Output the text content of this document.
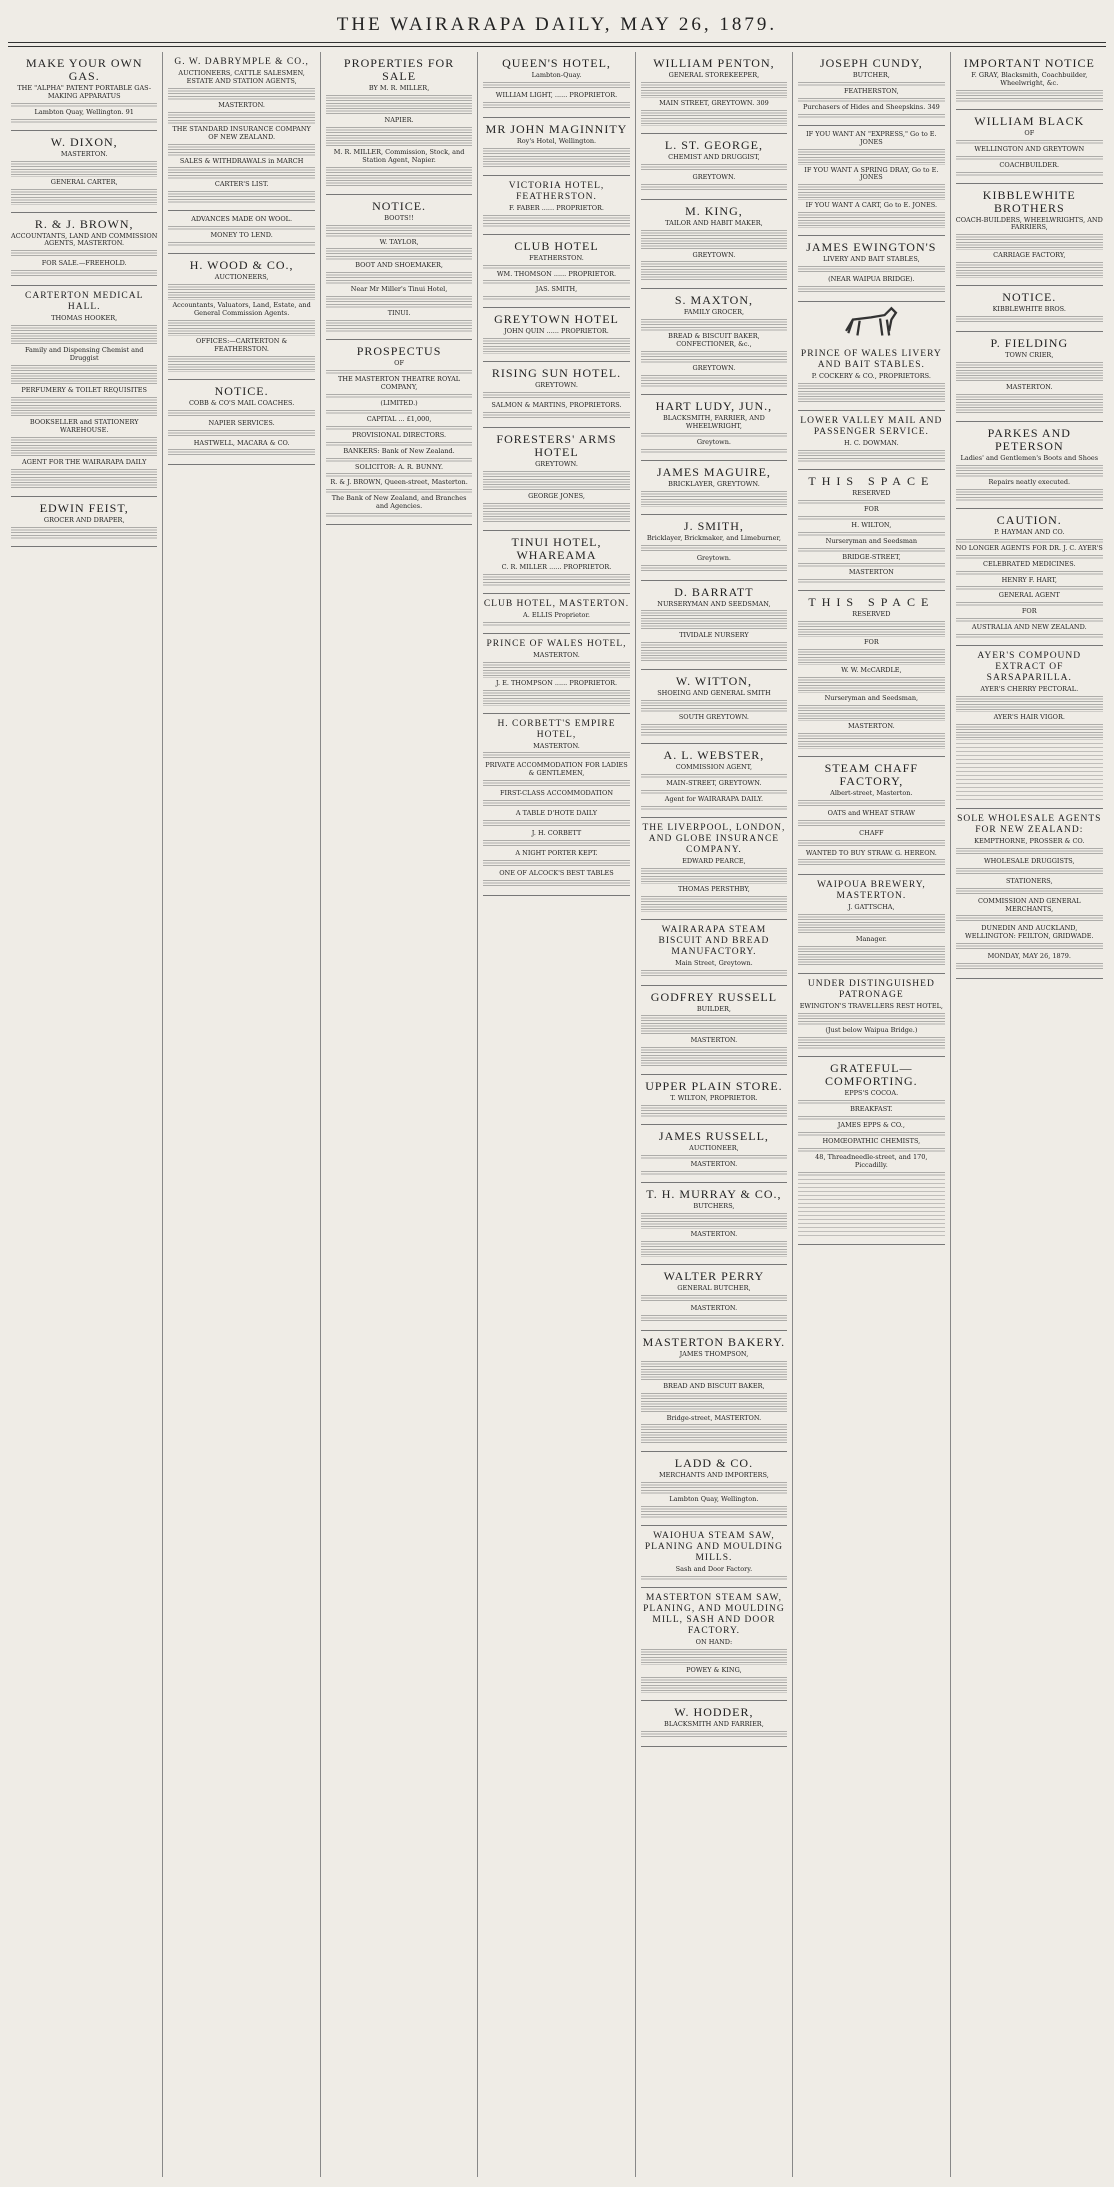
THE WAIRARAPA DAILY, MAY 26, 1879.
MAKE YOUR OWN GAS.
THE "ALPHA" PATENT PORTABLE GAS-MAKING APPARATUS
Lambton Quay, Wellington. 91
W. DIXON,
MASTERTON.
GENERAL CARTER,
R. & J. BROWN,
ACCOUNTANTS, LAND AND COMMISSION AGENTS, MASTERTON.
FOR SALE.—FREEHOLD.
CARTERTON MEDICAL HALL.
THOMAS HOOKER,
Family and Dispensing Chemist and Druggist
PERFUMERY & TOILET REQUISITES
BOOKSELLER and STATIONERY WAREHOUSE.
AGENT FOR THE WAIRARAPA DAILY
EDWIN FEIST,
GROCER AND DRAPER,
G. W. DABRYMPLE & CO.,
AUCTIONEERS, CATTLE SALESMEN, ESTATE AND STATION AGENTS,
MASTERTON.
THE STANDARD INSURANCE COMPANY OF NEW ZEALAND.
SALES & WITHDRAWALS in MARCH
CARTER'S LIST.
ADVANCES MADE ON WOOL.
MONEY TO LEND.
H. WOOD & CO.,
AUCTIONEERS,
Accountants, Valuators, Land, Estate, and General Commission Agents.
OFFICES:—CARTERTON & FEATHERSTON.
NOTICE.
COBB & CO'S MAIL COACHES.
NAPIER SERVICES.
HASTWELL, MACARA & CO.
PROPERTIES FOR SALE
BY M. R. MILLER,
NAPIER.
M. R. MILLER, Commission, Stock, and Station Agent, Napier.
NOTICE.
BOOTS!!
W. TAYLOR,
BOOT AND SHOEMAKER,
Near Mr Miller's Tinui Hotel,
TINUI.
PROSPECTUS
OF
THE MASTERTON THEATRE ROYAL COMPANY,
(LIMITED.)
CAPITAL ... £1,000,
PROVISIONAL DIRECTORS.
BANKERS: Bank of New Zealand.
SOLICITOR: A. R. BUNNY.
R. & J. BROWN, Queen-street, Masterton.
The Bank of New Zealand, and Branches and Agencies.
QUEEN'S HOTEL,
Lambton-Quay.
WILLIAM LIGHT, ...... PROPRIETOR.
MR JOHN MAGINNITY
Roy's Hotel, Wellington.
VICTORIA HOTEL, FEATHERSTON.
F. FABER ...... PROPRIETOR.
CLUB HOTEL
FEATHERSTON.
WM. THOMSON ...... PROPRIETOR.
JAS. SMITH,
GREYTOWN HOTEL
JOHN QUIN ...... PROPRIETOR.
RISING SUN HOTEL.
GREYTOWN.
SALMON & MARTINS, PROPRIETORS.
FORESTERS' ARMS HOTEL
GREYTOWN.
GEORGE JONES,
TINUI HOTEL, WHAREAMA
C. R. MILLER ...... PROPRIETOR.
CLUB HOTEL, MASTERTON.
A. ELLIS Proprietor.
PRINCE OF WALES HOTEL,
MASTERTON.
J. E. THOMPSON ...... PROPRIETOR.
H. CORBETT'S EMPIRE HOTEL,
MASTERTON.
PRIVATE ACCOMMODATION FOR LADIES & GENTLEMEN,
FIRST-CLASS ACCOMMODATION
A TABLE D'HOTE DAILY
J. H. CORBETT
A NIGHT PORTER KEPT.
ONE OF ALCOCK'S BEST TABLES
WILLIAM PENTON,
GENERAL STOREKEEPER,
MAIN STREET, GREYTOWN. 309
L. ST. GEORGE,
CHEMIST AND DRUGGIST,
GREYTOWN.
M. KING,
TAILOR AND HABIT MAKER,
GREYTOWN.
S. MAXTON,
FAMILY GROCER,
BREAD & BISCUIT BAKER, CONFECTIONER, &c.,
GREYTOWN.
HART LUDY, JUN.,
BLACKSMITH, FARRIER, AND WHEELWRIGHT,
Greytown.
JAMES MAGUIRE,
BRICKLAYER, GREYTOWN.
J. SMITH,
Bricklayer, Brickmaker, and Limeburner,
Greytown.
D. BARRATT
NURSERYMAN AND SEEDSMAN,
TIVIDALE NURSERY
W. WITTON,
SHOEING AND GENERAL SMITH
SOUTH GREYTOWN.
A. L. WEBSTER,
COMMISSION AGENT,
MAIN-STREET, GREYTOWN.
Agent for WAIRARAPA DAILY.
THE LIVERPOOL, LONDON, AND GLOBE INSURANCE COMPANY.
EDWARD PEARCE,
THOMAS PERSTHBY,
WAIRARAPA STEAM BISCUIT AND BREAD MANUFACTORY.
Main Street, Greytown.
GODFREY RUSSELL
BUILDER,
MASTERTON.
UPPER PLAIN STORE.
T. WILTON, PROPRIETOR.
JAMES RUSSELL,
AUCTIONEER,
MASTERTON.
T. H. MURRAY & CO.,
BUTCHERS,
MASTERTON.
WALTER PERRY
GENERAL BUTCHER,
MASTERTON.
MASTERTON BAKERY.
JAMES THOMPSON,
BREAD AND BISCUIT BAKER,
Bridge-street, MASTERTON.
LADD & CO.
MERCHANTS AND IMPORTERS,
Lambton Quay, Wellington.
WAIOHUA STEAM SAW, PLANING AND MOULDING MILLS.
Sash and Door Factory.
MASTERTON STEAM SAW, PLANING, AND MOULDING MILL, SASH AND DOOR FACTORY.
ON HAND:
POWEY & KING,
W. HODDER,
BLACKSMITH AND FARRIER,
JOSEPH CUNDY,
BUTCHER,
FEATHERSTON,
Purchasers of Hides and Sheepskins. 349
IF YOU WANT AN "EXPRESS," Go to E. JONES
IF YOU WANT A SPRING DRAY, Go to E. JONES
IF YOU WANT A CART, Go to E. JONES.
JAMES EWINGTON'S
LIVERY AND BAIT STABLES,
(NEAR WAIPUA BRIDGE).
PRINCE OF WALES LIVERY AND BAIT STABLES.
P. COCKERY & CO., PROPRIETORS.
LOWER VALLEY MAIL AND PASSENGER SERVICE.
H. C. DOWMAN.
THIS SPACE
RESERVED
FOR
H. WILTON,
Nurseryman and Seedsman
BRIDGE-STREET,
MASTERTON
THIS SPACE
RESERVED
FOR
W. W. McCARDLE,
Nurseryman and Seedsman,
MASTERTON.
STEAM CHAFF FACTORY,
Albert-street, Masterton.
OATS and WHEAT STRAW
CHAFF
WANTED TO BUY STRAW. G. HEREON.
WAIPOUA BREWERY, MASTERTON.
J. GATTSCHA,
Manager.
UNDER DISTINGUISHED PATRONAGE
EWINGTON'S TRAVELLERS REST HOTEL,
(Just below Waipua Bridge.)
GRATEFUL—COMFORTING.
EPPS'S COCOA.
BREAKFAST.
JAMES EPPS & CO.,
HOMŒOPATHIC CHEMISTS,
48, Threadneedle-street, and 170, Piccadilly.
IMPORTANT NOTICE
F. GRAY, Blacksmith, Coachbuilder, Wheelwright, &c.
WILLIAM BLACK
OF
WELLINGTON AND GREYTOWN
COACHBUILDER.
KIBBLEWHITE BROTHERS
COACH-BUILDERS, WHEELWRIGHTS, AND FARRIERS,
CARRIAGE FACTORY,
NOTICE.
KIBBLEWHITE BROS.
P. FIELDING
TOWN CRIER,
MASTERTON.
PARKES AND PETERSON
Ladies' and Gentlemen's Boots and Shoes
Repairs neatly executed.
CAUTION.
P. HAYMAN AND CO.
NO LONGER AGENTS FOR DR. J. C. AYER'S
CELEBRATED MEDICINES.
HENRY F. HART,
GENERAL AGENT
FOR
AUSTRALIA AND NEW ZEALAND.
AYER'S COMPOUND EXTRACT OF SARSAPARILLA.
AYER'S CHERRY PECTORAL.
AYER'S HAIR VIGOR.
SOLE WHOLESALE AGENTS FOR NEW ZEALAND:
KEMPTHORNE, PROSSER & CO.
WHOLESALE DRUGGISTS,
STATIONERS,
COMMISSION AND GENERAL MERCHANTS,
DUNEDIN AND AUCKLAND, WELLINGTON: FEILTON, GRIDWADE.
MONDAY, MAY 26, 1879.
